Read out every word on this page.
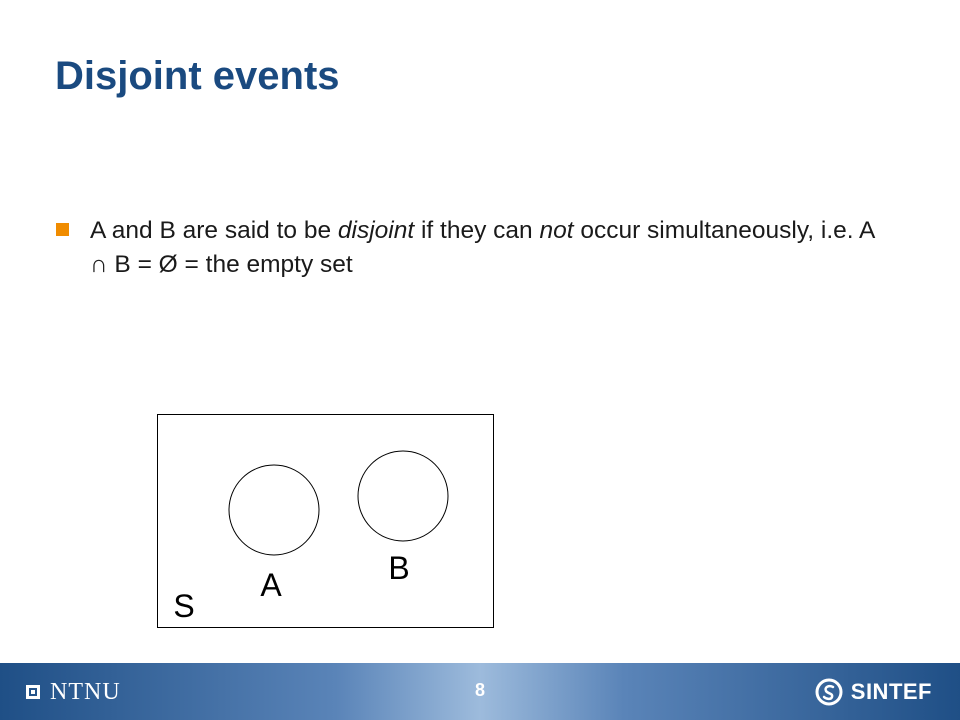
Disjoint events
A and B are said to be disjoint if they can not occur simultaneously, i.e. A ∩ B = Ø = the empty set
B
A
S
NTNU	8	SINTEF
